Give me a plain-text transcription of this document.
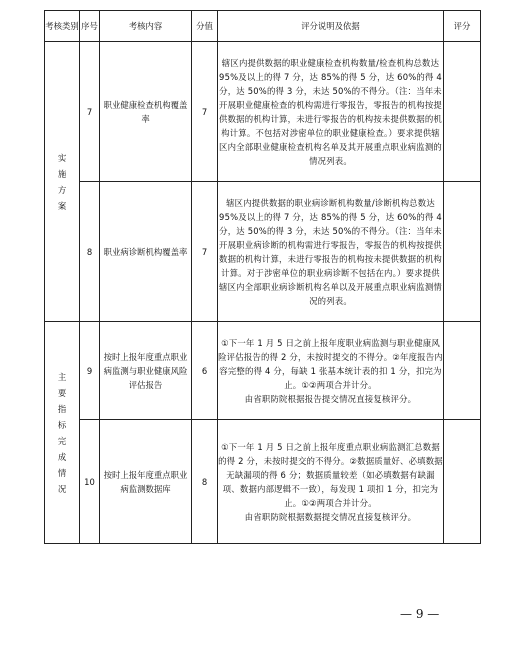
考核类别	序号	考核内容	分值	评分说明及依据	评分
实施方案	7	职业健康检查机构覆盖率	7	辖区内提供数据的职业健康检查机构数量/检查机构总数达 95%及以上的得 7 分，达 85%的得 5 分，达 60%的得 4 分，达 50%的得 3 分，未达 50%的不得分。（注：当年未开展职业健康检查的机构需进行零报告，零报告的机构按提供数据的机构计算，未进行零报告的机构按未提供数据的机构计算。不包括对涉密单位的职业健康检查。）要求提供辖区内全部职业健康检查机构名单及其开展重点职业病监测的情况列表。	
	8	职业病诊断机构覆盖率	7	辖区内提供数据的职业病诊断机构数量/诊断机构总数达 95%及以上的得 7 分，达 85%的得 5 分，达 60%的得 4 分，达 50%的得 3 分，未达 50%的不得分。（注：当年未开展职业病诊断的机构需进行零报告，零报告的机构按提供数据的机构计算，未进行零报告的机构按未提供数据的机构计算。对于涉密单位的职业病诊断不包括在内。）要求提供辖区内全部职业病诊断机构名单以及开展重点职业病监测情况的列表。	
主要指标完成情况	9	按时上报年度重点职业病监测与职业健康风险评估报告	6	①下一年 1 月 5 日之前上报年度职业病监测与职业健康风险评估报告的得 2 分，未按时提交的不得分。②年度报告内容完整的得 4 分，每缺 1 张基本统计表的扣 1 分，扣完为止。①②两项合并计分。
由省职防院根据报告提交情况直接复核评分。	
	10	按时上报年度重点职业病监测数据库	8	①下一年 1 月 5 日之前上报年度重点职业病监测汇总数据的得 2 分，未按时提交的不得分。②数据质量好、必填数据无缺漏项的得 6 分；数据质量较差（如必填数据有缺漏项、数据内部逻辑不一致），每发现 1 项扣 1 分，扣完为止。①②两项合并计分。
由省职防院根据数据提交情况直接复核评分。	
— 9 —
